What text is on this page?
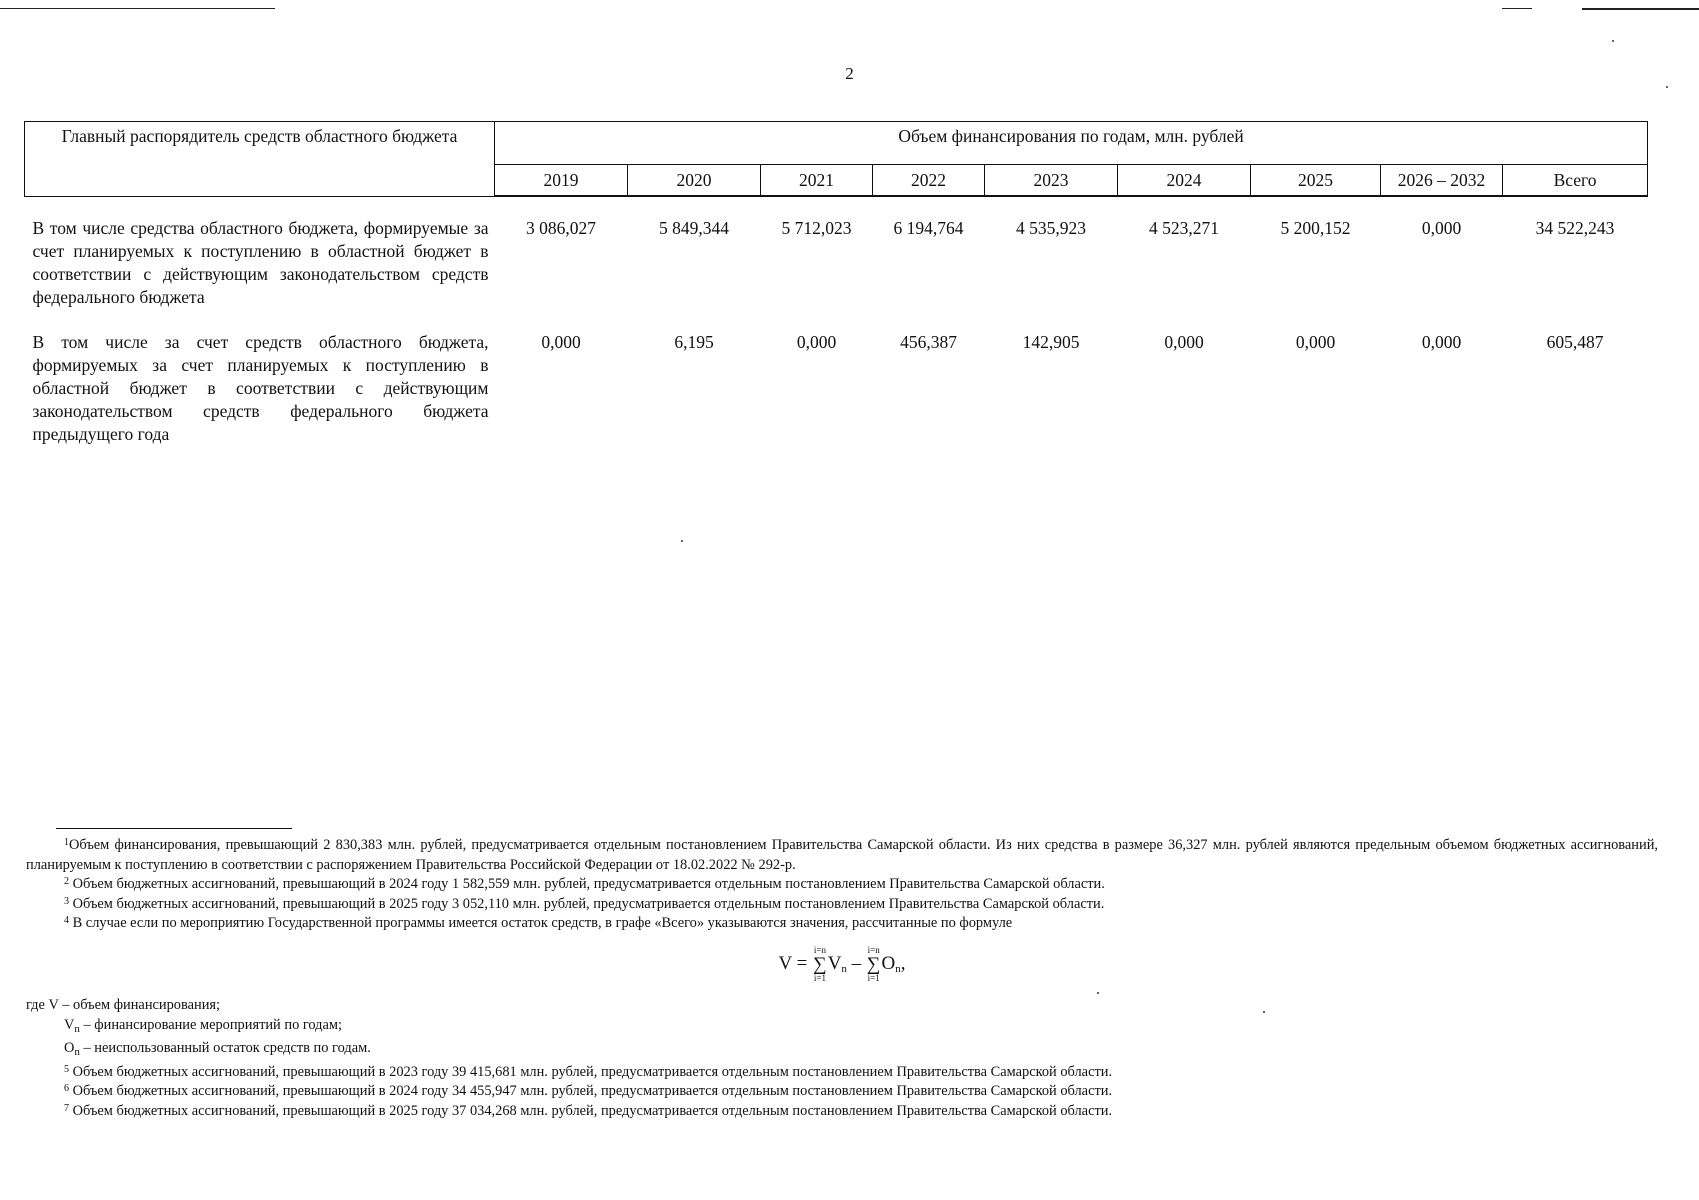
2
Главный распорядитель средств областного бюджета	Объем финансирования по годам, млн. рублей								
	2019	2020	2021	2022	2023	2024	2025	2026 – 2032	Всего
В том числе средства областного бюджета, формируемые за счет планируемых к поступлению в областной бюджет в соответствии с действующим законодательством средств федерального бюджета	3 086,027	5 849,344	5 712,023	6 194,764	4 535,923	4 523,271	5 200,152	0,000	34 522,243
В том числе за счет средств областного бюджета, формируемых за счет планируемых к поступлению в областной бюджет в соответствии с действующим законодательством средств федерального бюджета предыдущего года	0,000	6,195	0,000	456,387	142,905	0,000	0,000	0,000	605,487

$^1$Объем финансирования, превышающий 2 830,383 млн. рублей, предусматривается отдельным постановлением Правительства Самарской области. Из них средства в размере 36,327 млн. рублей являются предельным объемом бюджетных ассигнований, планируемым к поступлению в соответствии с распоряжением Правительства Российской Федерации от 18.02.2022 № 292-р.

$^2$ Объем бюджетных ассигнований, превышающий в 2024 году 1 582,559 млн. рублей, предусматривается отдельным постановлением Правительства Самарской области.

$^3$ Объем бюджетных ассигнований, превышающий в 2025 году 3 052,110 млн. рублей, предусматривается отдельным постановлением Правительства Самарской области.

$^4$ В случае если по мероприятию Государственной программы имеется остаток средств, в графе «Всего» указываются значения, рассчитанные по формуле

V = i=n
∑
$i=1V_n - i=n$
∑
$i=1O_n$,

где V – объем финансирования;

$V_n$ – финансирование мероприятий по годам;

$O_n$ – неиспользованный остаток средств по годам.

$^5$ Объем бюджетных ассигнований, превышающий в 2023 году 39 415,681 млн. рублей, предусматривается отдельным постановлением Правительства Самарской области.

$^6$ Объем бюджетных ассигнований, превышающий в 2024 году 34 455,947 млн. рублей, предусматривается отдельным постановлением Правительства Самарской области.

$^7$ Объем бюджетных ассигнований, превышающий в 2025 году 37 034,268 млн. рублей, предусматривается отдельным постановлением Правительства Самарской области.
